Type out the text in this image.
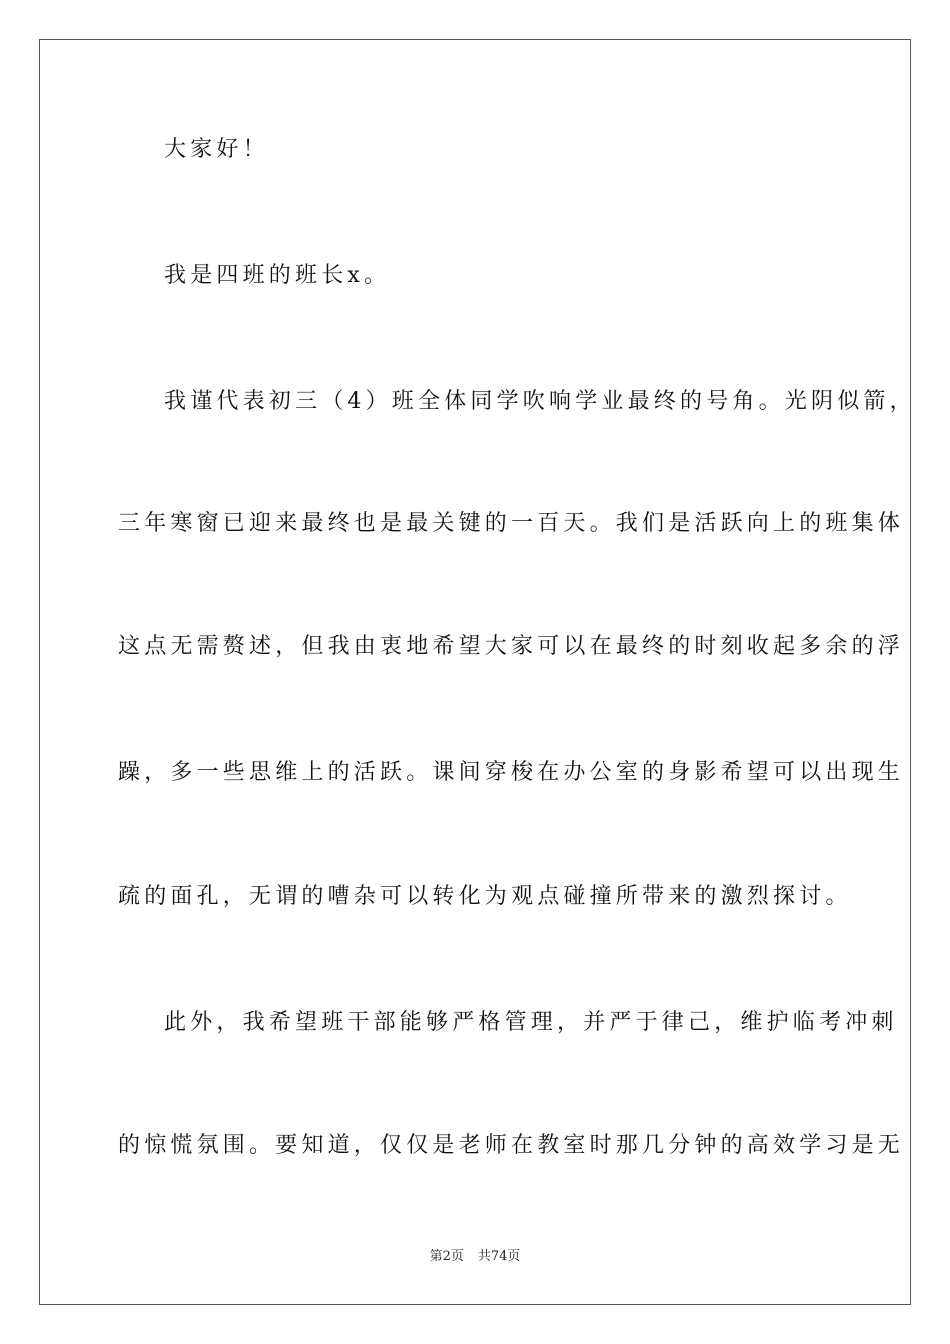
大家好！
我是四班的班长x。
我谨代表初三（4）班全体同学吹响学业最终的号角。光阴似箭，
三年寒窗已迎来最终也是最关键的一百天。我们是活跃向上的班集体
这点无需赘述，但我由衷地希望大家可以在最终的时刻收起多余的浮
躁，多一些思维上的活跃。课间穿梭在办公室的身影希望可以出现生
疏的面孔，无谓的嘈杂可以转化为观点碰撞所带来的激烈探讨。
此外，我希望班干部能够严格管理，并严于律己，维护临考冲刺
的惊慌氛围。要知道，仅仅是老师在教室时那几分钟的高效学习是无
第2页 共74页
